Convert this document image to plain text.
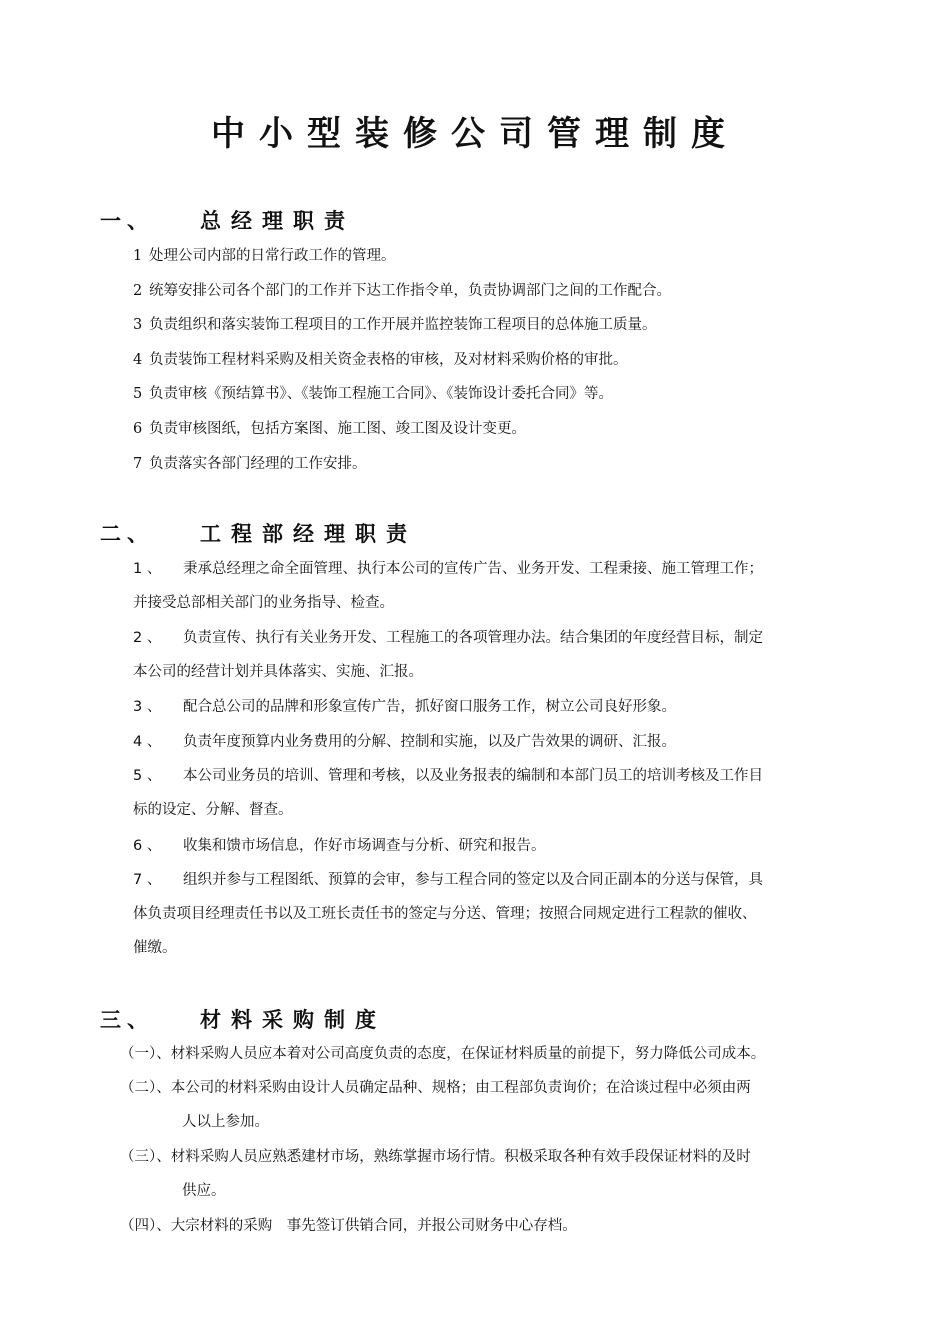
中小型装修公司管理制度
一、 总经理职责
1 处理公司内部的日常行政工作的管理。
2 统筹安排公司各个部门的工作并下达工作指令单，负责协调部门之间的工作配合。
3 负责组织和落实装饰工程项目的工作开展并监控装饰工程项目的总体施工质量。
4 负责装饰工程材料采购及相关资金表格的审核，及对材料采购价格的审批。
5 负责审核《预结算书》、《装饰工程施工合同》、《装饰设计委托合同》等。
6 负责审核图纸，包括方案图、施工图、竣工图及设计变更。
7 负责落实各部门经理的工作安排。
二、 工程部经理职责
1 、 秉承总经理之命全面管理、执行本公司的宣传广告、业务开发、工程秉接、施工管理工作；
并接受总部相关部门的业务指导、检查。
2 、 负责宣传、执行有关业务开发、工程施工的各项管理办法。结合集团的年度经营目标，制定
本公司的经营计划并具体落实、实施、汇报。
3 、 配合总公司的品牌和形象宣传广告，抓好窗口服务工作，树立公司良好形象。
4 、 负责年度预算内业务费用的分解、控制和实施，以及广告效果的调研、汇报。
5 、 本公司业务员的培训、管理和考核，以及业务报表的编制和本部门员工的培训考核及工作目
标的设定、分解、督查。
6 、 收集和馈市场信息，作好市场调查与分析、研究和报告。
7 、 组织并参与工程图纸、预算的会审，参与工程合同的签定以及合同正副本的分送与保管，具
体负责项目经理责任书以及工班长责任书的签定与分送、管理；按照合同规定进行工程款的催收、
催缴。
三、 材料采购制度
（一）、材料采购人员应本着对公司高度负责的态度，在保证材料质量的前提下，努力降低公司成本。
（二）、本公司的材料采购由设计人员确定品种、规格；由工程部负责询价；在洽谈过程中必须由两
人以上参加。
（三）、材料采购人员应熟悉建材市场，熟练掌握市场行情。积极采取各种有效手段保证材料的及时
供应。
（四）、大宗材料的采购　事先签订供销合同，并报公司财务中心存档。
